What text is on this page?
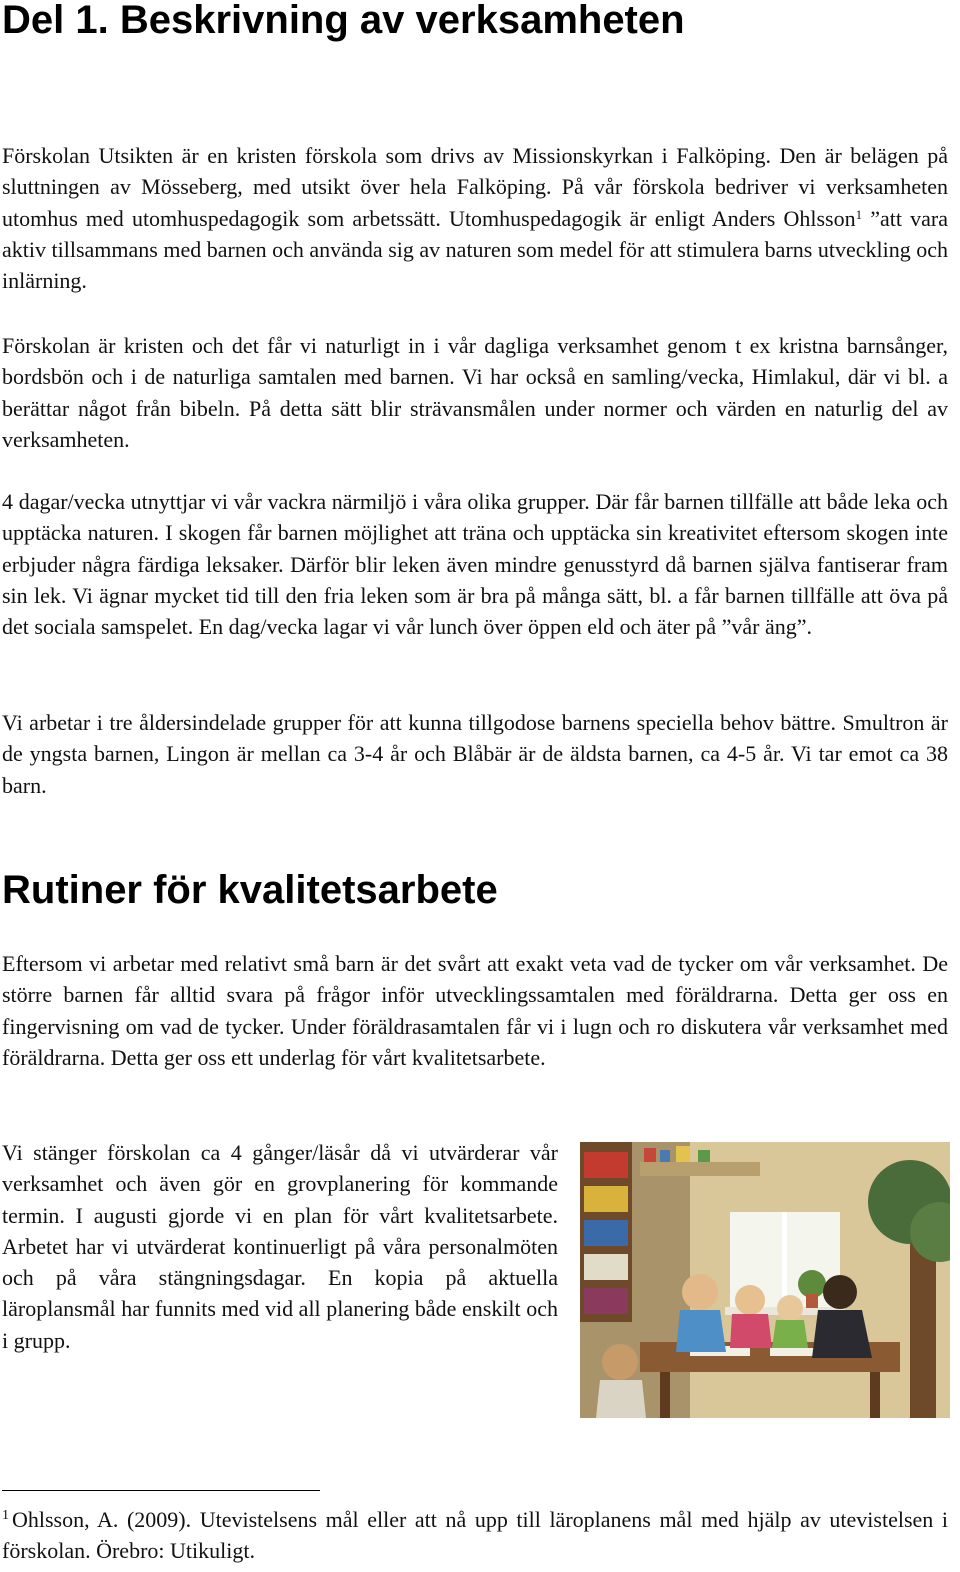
Del 1. Beskrivning av verksamheten

Förskolan Utsikten är en kristen förskola som drivs av Missionskyrkan i Falköping. Den är belägen på sluttningen av Mösseberg, med utsikt över hela Falköping. På vår förskola bedriver vi verksamheten utomhus med utomhuspedagogik som arbetssätt. Utomhuspedagogik är enligt Anders Ohlsson$^1$ ”att vara aktiv tillsammans med barnen och använda sig av naturen som medel för att stimulera barns utveckling och inlärning.

Förskolan är kristen och det får vi naturligt in i vår dagliga verksamhet genom t ex kristna barnsånger, bordsbön och i de naturliga samtalen med barnen. Vi har också en samling/vecka, Himlakul, där vi bl. a berättar något från bibeln. På detta sätt blir strävansmålen under normer och värden en naturlig del av verksamheten.

4 dagar/vecka utnyttjar vi vår vackra närmiljö i våra olika grupper. Där får barnen tillfälle att både leka och upptäcka naturen. I skogen får barnen möjlighet att träna och upptäcka sin kreativitet eftersom skogen inte erbjuder några färdiga leksaker. Därför blir leken även mindre genusstyrd då barnen själva fantiserar fram sin lek. Vi ägnar mycket tid till den fria leken som är bra på många sätt, bl. a får barnen tillfälle att öva på det sociala samspelet. En dag/vecka lagar vi vår lunch över öppen eld och äter på ”vår äng”.

Vi arbetar i tre åldersindelade grupper för att kunna tillgodose barnens speciella behov bättre. Smultron är de yngsta barnen, Lingon är mellan ca 3-4 år och Blåbär är de äldsta barnen, ca 4-5 år. Vi tar emot ca 38 barn.

Rutiner för kvalitetsarbete

Eftersom vi arbetar med relativt små barn är det svårt att exakt veta vad de tycker om vår verksamhet. De större barnen får alltid svara på frågor inför utvecklingssamtalen med föräldrarna. Detta ger oss en fingervisning om vad de tycker. Under föräldrasamtalen får vi i lugn och ro diskutera vår verksamhet med föräldrarna. Detta ger oss ett underlag för vårt kvalitetsarbete.

Vi stänger förskolan ca 4 gånger/läsår då vi utvärderar vår verksamhet och även gör en grovplanering för kommande termin. I augusti gjorde vi en plan för vårt kvalitetsarbete. Arbetet har vi utvärderat kontinuerligt på våra personalmöten och på våra stängningsdagar. En kopia på aktuella läroplansmål har funnits med vid all planering både enskilt och i grupp.

$^1$ Ohlsson, A. (2009). Utevistelsens mål eller att nå upp till läroplanens mål med hjälp av utevistelsen i förskolan. Örebro: Utikuligt.
